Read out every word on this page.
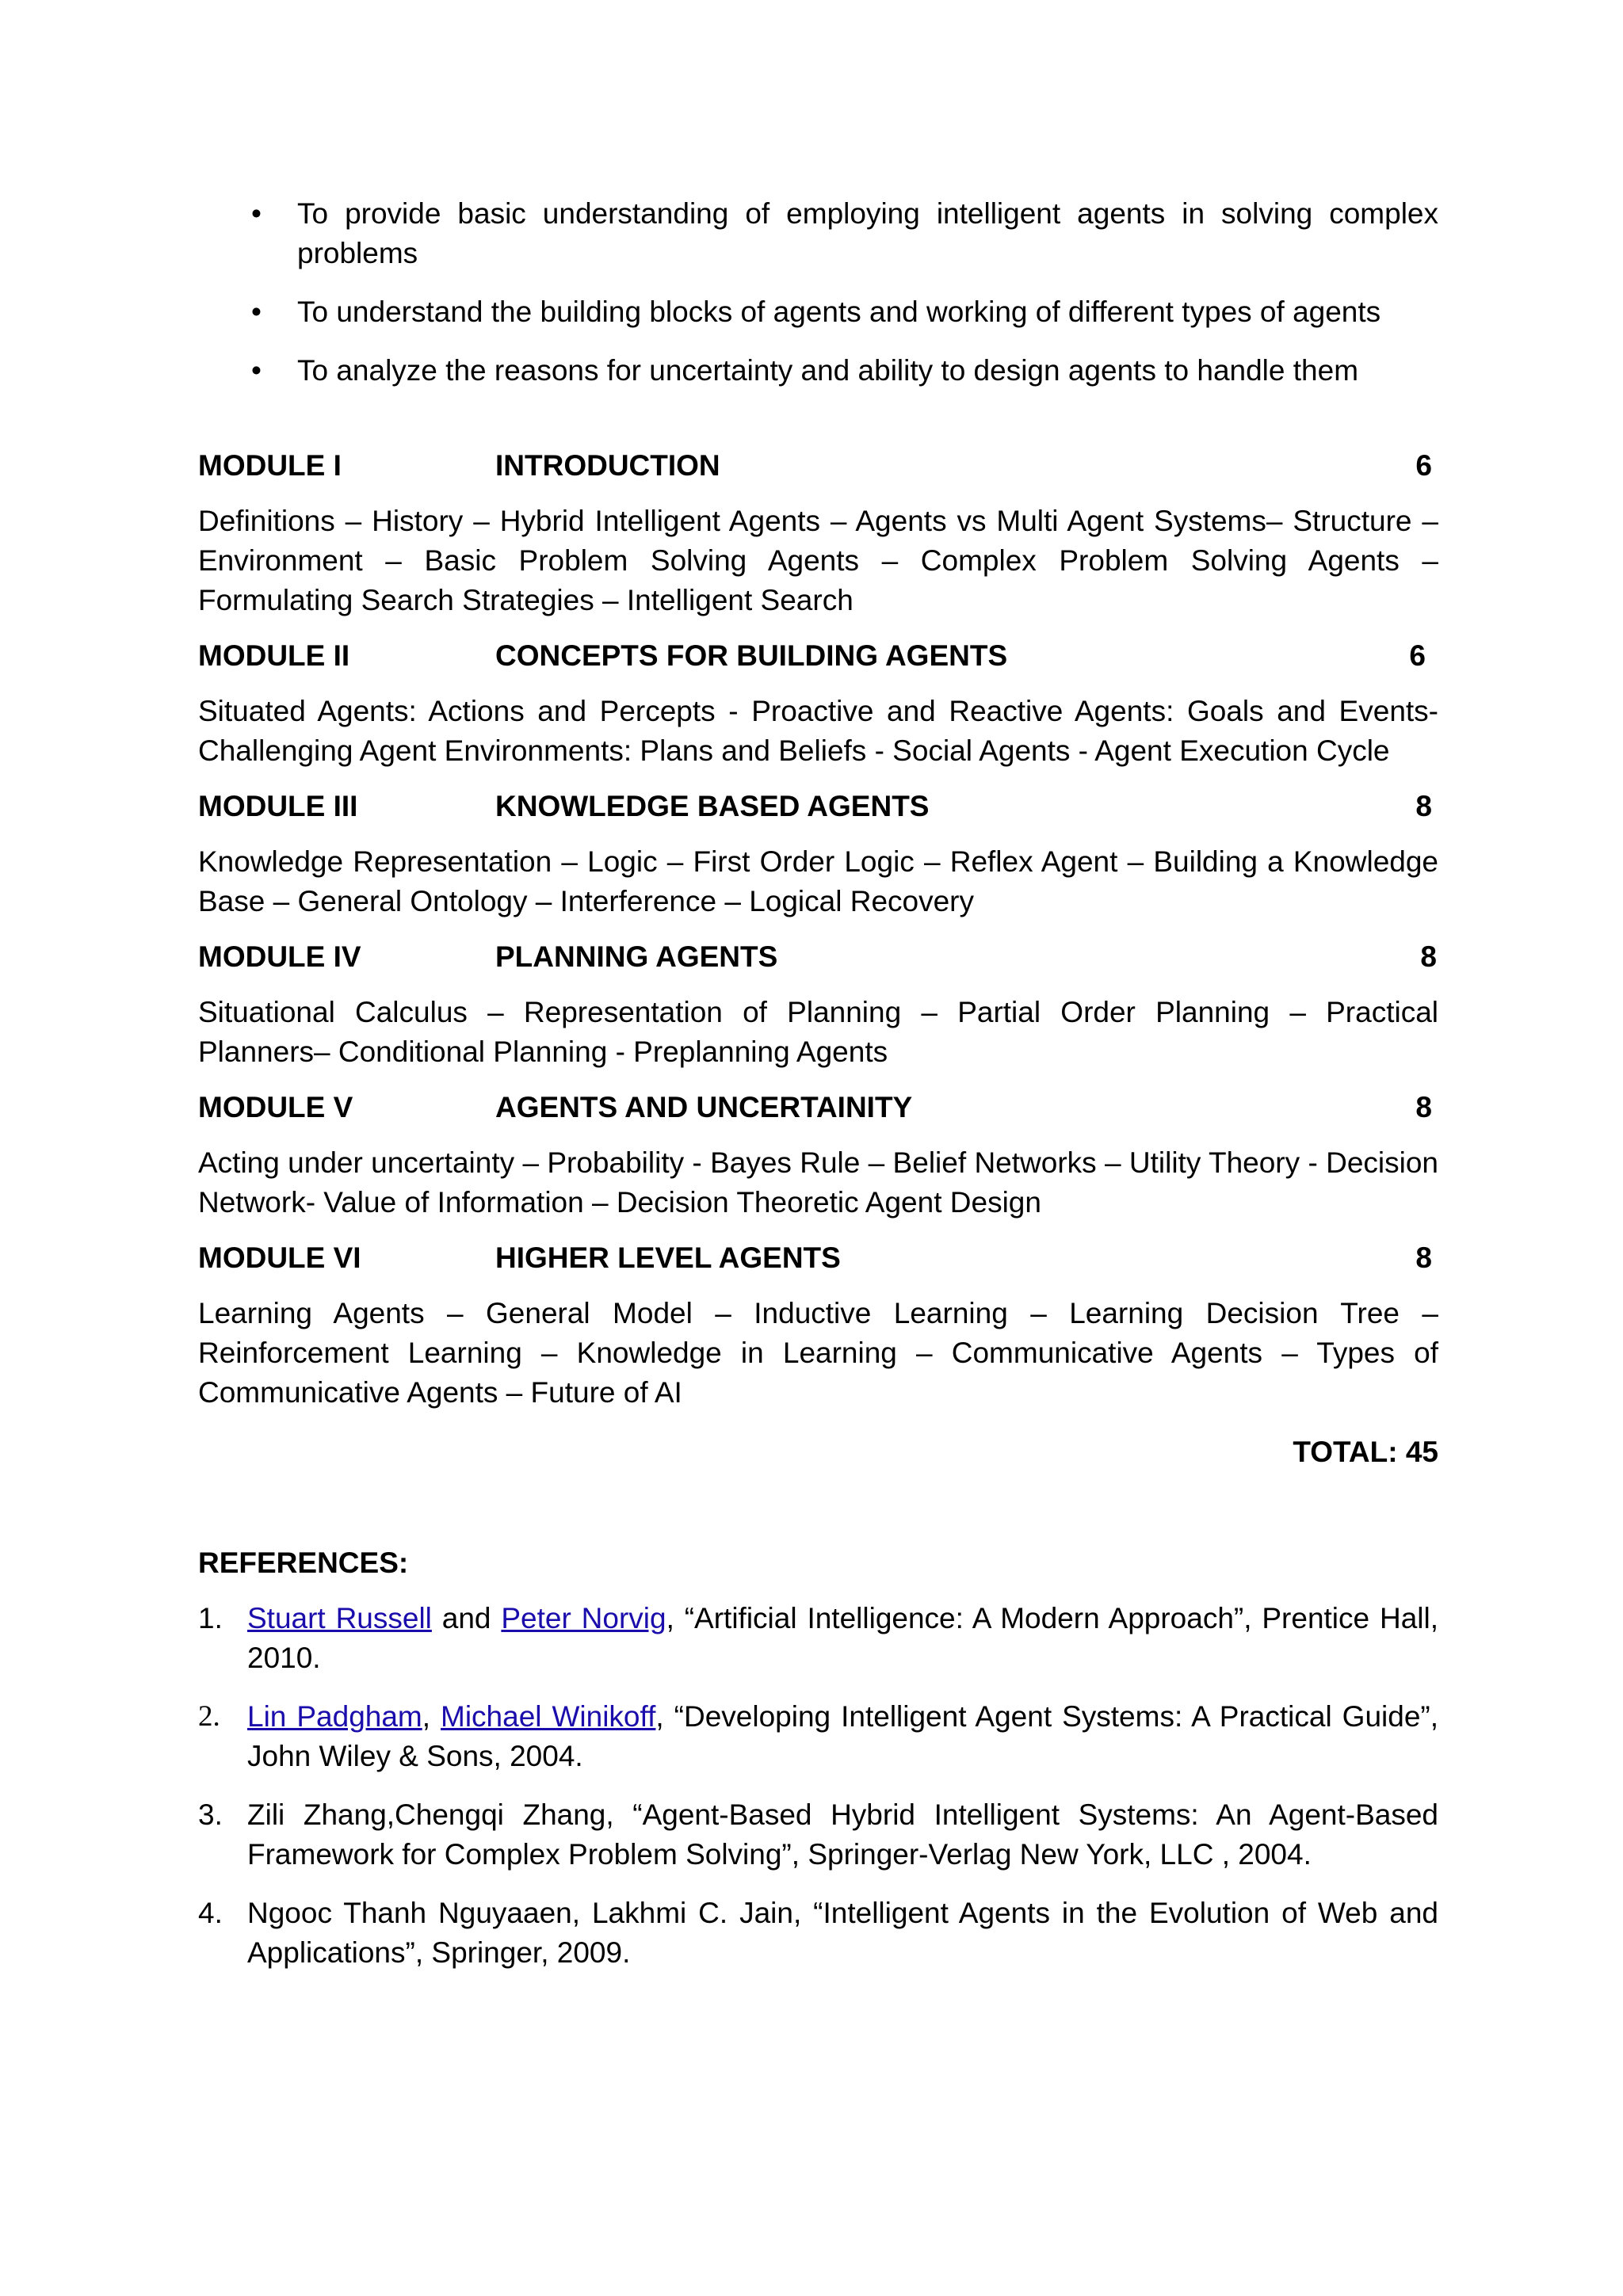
• To provide basic understanding of employing intelligent agents in solving complex problems
• To understand the building blocks of agents and working of different types of agents
• To analyze the reasons for uncertainty and ability to design agents to handle them
MODULE I	INTRODUCTION	6
Definitions – History – Hybrid Intelligent Agents – Agents vs Multi Agent Systems– Structure – Environment – Basic Problem Solving Agents – Complex Problem Solving Agents – Formulating Search Strategies – Intelligent Search
MODULE II	CONCEPTS FOR BUILDING AGENTS	6
Situated Agents: Actions and Percepts - Proactive and Reactive Agents: Goals and Events- Challenging Agent Environments: Plans and Beliefs - Social Agents - Agent Execution Cycle
MODULE III	KNOWLEDGE BASED AGENTS	8
Knowledge Representation – Logic – First Order Logic – Reflex Agent – Building a Knowledge Base – General Ontology – Interference – Logical Recovery
MODULE IV	PLANNING AGENTS	8
Situational Calculus – Representation of Planning – Partial Order Planning – Practical Planners– Conditional Planning - Preplanning Agents
MODULE V	AGENTS AND UNCERTAINITY	8
Acting under uncertainty – Probability - Bayes Rule – Belief Networks – Utility Theory - Decision Network- Value of Information – Decision Theoretic Agent Design
MODULE VI	HIGHER LEVEL AGENTS	8
Learning Agents – General Model – Inductive Learning – Learning Decision Tree – Reinforcement Learning – Knowledge in Learning – Communicative Agents – Types of Communicative Agents – Future of AI
TOTAL: 45
REFERENCES:
1. Stuart Russell and Peter Norvig, “Artificial Intelligence: A Modern Approach”, Prentice Hall, 2010.
2. Lin Padgham, Michael Winikoff, “Developing Intelligent Agent Systems: A Practical Guide”, John Wiley & Sons, 2004.
3. Zili Zhang,Chengqi Zhang, “Agent-Based Hybrid Intelligent Systems: An Agent-Based Framework for Complex Problem Solving”, Springer-Verlag New York, LLC , 2004.
4. Ngooc Thanh Nguyaaen, Lakhmi C. Jain, “Intelligent Agents in the Evolution of Web and Applications”, Springer, 2009.
